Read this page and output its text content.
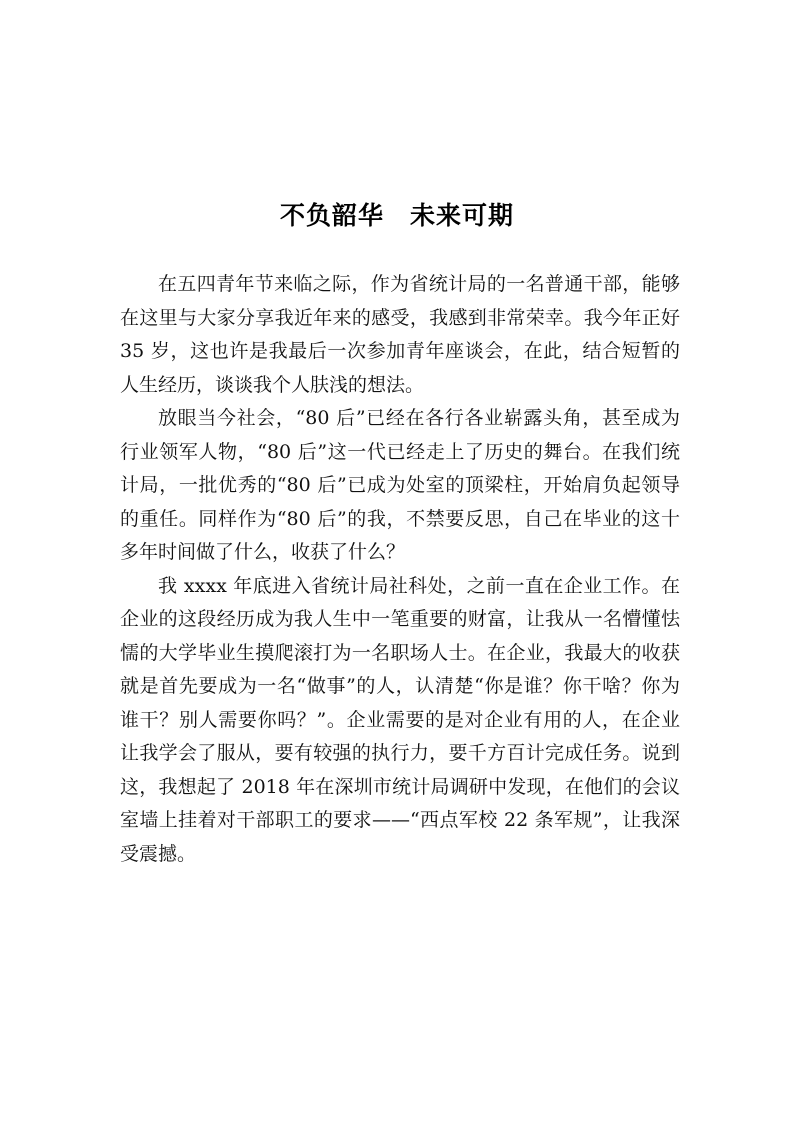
不负韶华　未来可期

在五四青年节来临之际，作为省统计局的一名普通干部，能够在这里与大家分享我近年来的感受，我感到非常荣幸。我今年正好 35 岁，这也许是我最后一次参加青年座谈会，在此，结合短暂的人生经历，谈谈我个人肤浅的想法。

放眼当今社会，“80 后”已经在各行各业崭露头角，甚至成为行业领军人物，“80 后”这一代已经走上了历史的舞台。在我们统计局，一批优秀的“80 后”已成为处室的顶梁柱，开始肩负起领导的重任。同样作为“80 后”的我，不禁要反思，自己在毕业的这十多年时间做了什么，收获了什么？

我 xxxx 年底进入省统计局社科处，之前一直在企业工作。在企业的这段经历成为我人生中一笔重要的财富，让我从一名懵懂怯懦的大学毕业生摸爬滚打为一名职场人士。在企业，我最大的收获就是首先要成为一名“做事”的人，认清楚“你是谁？你干啥？你为谁干？别人需要你吗？”。企业需要的是对企业有用的人，在企业让我学会了服从，要有较强的执行力，要千方百计完成任务。说到这，我想起了 2018 年在深圳市统计局调研中发现，在他们的会议室墙上挂着对干部职工的要求——“西点军校 22 条军规”，让我深受震撼。
